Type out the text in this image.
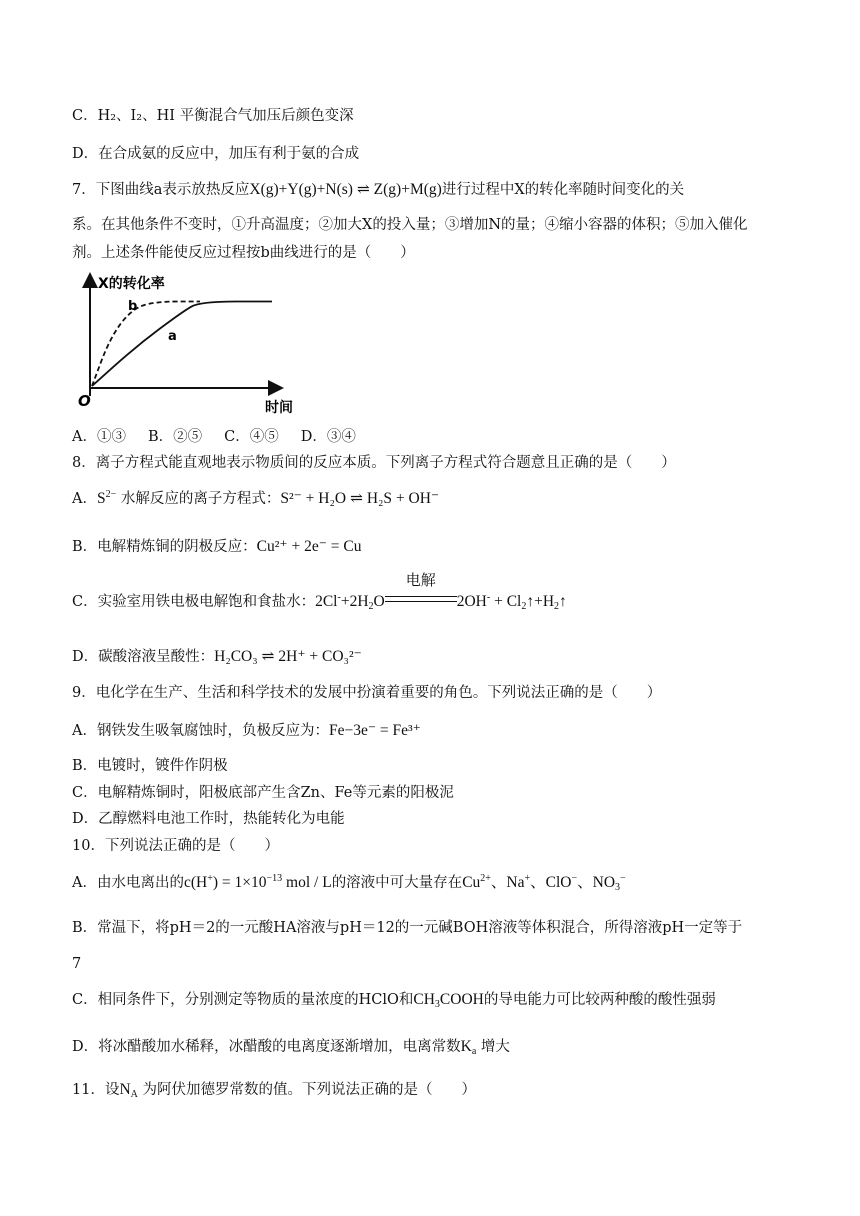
C．H₂、I₂、HI 平衡混合气加压后颜色变深
D．在合成氨的反应中，加压有利于氨的合成
7．下图曲线a表示放热反应X(g)+Y(g)+N(s) ⇌ Z(g)+M(g)进行过程中X的转化率随时间变化的关
系。在其他条件不变时，①升高温度；②加大X的投入量；③增加N的量；④缩小容器的体积；⑤加入催化
剂。上述条件能使反应过程按b曲线进行的是（　　）
X的转化率
时间
O
a
b
A．①③ B．②⑤ C．④⑤ D．③④
8．离子方程式能直观地表示物质间的反应本质。下列离子方程式符合题意且正确的是（　　）
A．$S^{2-}$ 水解反应的离子方程式：S²⁻ + H₂O ⇌ H₂S + OH⁻
B．电解精炼铜的阴极反应：Cu²⁺ + 2e⁻ = Cu
C．实验室用铁电极电解饱和食盐水：$2Cl^-+2H_2O$
电解
$2OH^- + Cl_2↑+H_2↑$
D．碳酸溶液呈酸性：H₂CO₃ ⇌ 2H⁺ + CO₃²⁻
9．电化学在生产、生活和科学技术的发展中扮演着重要的角色。下列说法正确的是（　　）
A．钢铁发生吸氧腐蚀时，负极反应为：Fe−3e⁻ = Fe³⁺
B．电镀时，镀件作阴极
C．电解精炼铜时，阳极底部产生含Zn、Fe等元素的阳极泥
D．乙醇燃料电池工作时，热能转化为电能
10．下列说法正确的是（　　）
A．由水电离出的$c(H^+) = 1\times 10^{-13}$ mol / L的溶液中可大量存在$Cu^{2+}$、Na+、ClO−、$NO_3^-$
B．常温下，将pH＝2的一元酸HA溶液与pH＝12的一元碱BOH溶液等体积混合，所得溶液pH一定等于
7
C．相同条件下，分别测定等物质的量浓度的HClO和$CH_3COOH$的导电能力可比较两种酸的酸性强弱
D．将冰醋酸加水稀释，冰醋酸的电离度逐渐增加，电离常数$K_a$ 增大
11．设$N_A$ 为阿伏加德罗常数的值。下列说法正确的是（　　）
